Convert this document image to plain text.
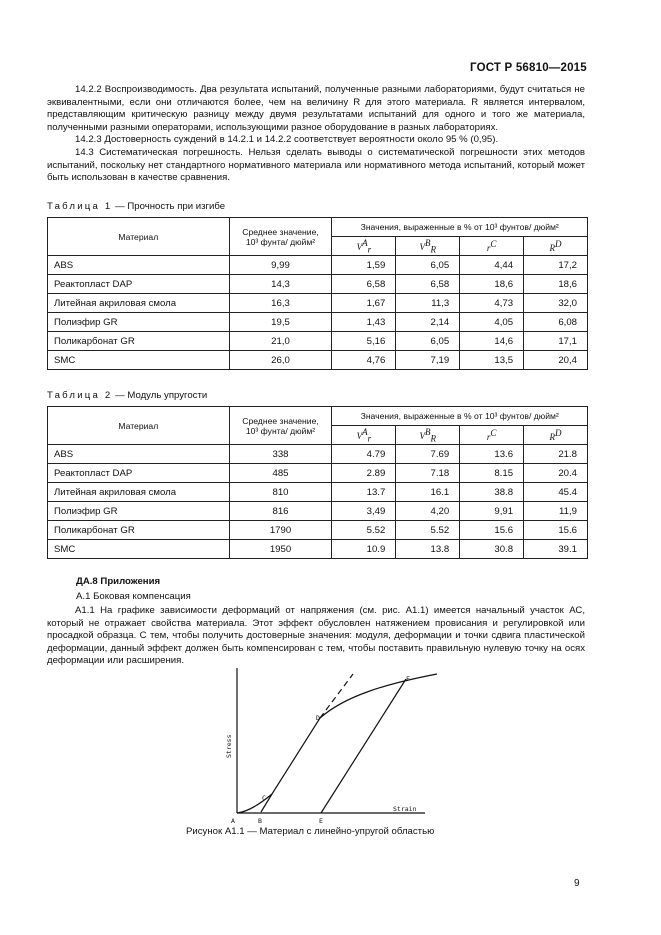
ГОСТ Р 56810—2015

14.2.2 Воспроизводимость. Два результата испытаний, полученные разными лабораториями, будут считаться не эквивалентными, если они отличаются более, чем на величину R для этого материала. R является интервалом, представляющим критическую разницу между двумя результатами испытаний для одного и того же материала, полученными разными операторами, использующими разное оборудование в разных лабораториях.

14.2.3 Достоверность суждений в 14.2.1 и 14.2.2 соответствует вероятности около 95 % (0,95).

14.3 Систематическая погрешность. Нельзя сделать выводы о систематической погрешности этих методов испытаний, поскольку нет стандартного нормативного материала или нормативного метода испытаний, который может быть использован в качестве сравнения.

Таблица 1 — Прочность при изгибе
Материал	Среднее значение,
10³ фунта/ дюйм²	Значения, выраженные в % от 10³ фунтов/ дюйм²			
		$V^A_r$	$V^B_R$	$r^C$	$R^D$
ABS	9,99	1,59	6,05	4,44	17,2
Реактопласт DAP	14,3	6,58	6,58	18,6	18,6
Литейная акриловая смола	16,3	1,67	11,3	4,73	32,0
Полиэфир GR	19,5	1,43	2,14	4,05	6,08
Поликарбонат GR	21,0	5,16	6,05	14,6	17,1
SMC	26,0	4,76	7,19	13,5	20,4
Таблица 2 — Модуль упругости
Материал	Среднее значение,
10³ фунта/ дюйм²	Значения, выраженные в % от 10³ фунтов/ дюйм²			
		$V^A_r$	$V^B_R$	$r^C$	$R^D$
ABS	338	4.79	7.69	13.6	21.8
Реактопласт DAP	485	2.89	7.18	8.15	20.4
Литейная акриловая смола	810	13.7	16.1	38.8	45.4
Полиэфир GR	816	3,49	4,20	9,91	11,9
Поликарбонат GR	1790	5.52	5.52	15.6	15.6
SMC	1950	10.9	13.8	30.8	39.1
ДА.8 Приложения
А.1 Боковая компенсация

А1.1 На графике зависимости деформаций от напряжения (см. рис. А1.1) имеется начальный участок АС, который не отражает свойства материала. Этот эффект обусловлен натяжением провисания и регулировкой или просадкой образца. С тем, чтобы получить достоверные значения: модуля, деформации и точки сдвига пластической деформации, данный эффект должен быть компенсирован с тем, чтобы поставить правильную нулевую точку на осях деформации или расширения.

Stress
Strain
A	B
C
D
E
F
Рисунок А1.1 — Материал с линейно-упругой областью
9
